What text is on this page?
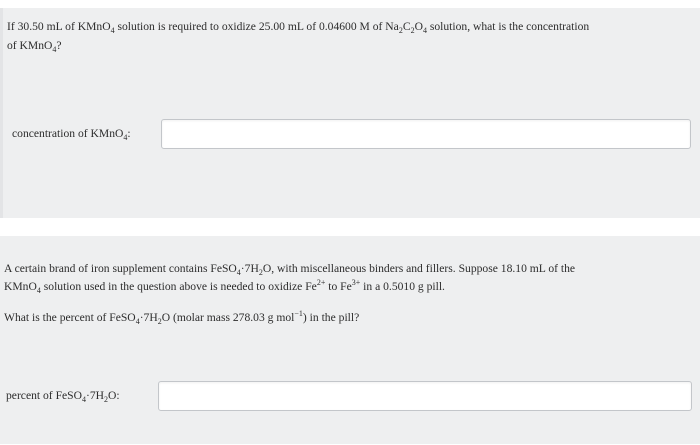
If 30.50 mL of KMnO$_4$ solution is required to oxidize 25.00 mL of 0.04600 M of $Na_2C_2O_4$ solution, what is the concentration
of KMnO$_4$?
concentration of KMnO$_4$:
A certain brand of iron supplement contains $FeSO_4\cdot 7H_2O$, with miscellaneous binders and fillers. Suppose 18.10 mL of the
KMnO$_4$ solution used in the question above is needed to oxidize $Fe^{2+}$ to $Fe^{3+}$ in a 0.5010 g pill.
What is the percent of $FeSO_4\cdot 7H_2O$ (molar mass 278.03 g mol$^{-1}$) in the pill?
percent of $FeSO_4\cdot 7H_2O$:
